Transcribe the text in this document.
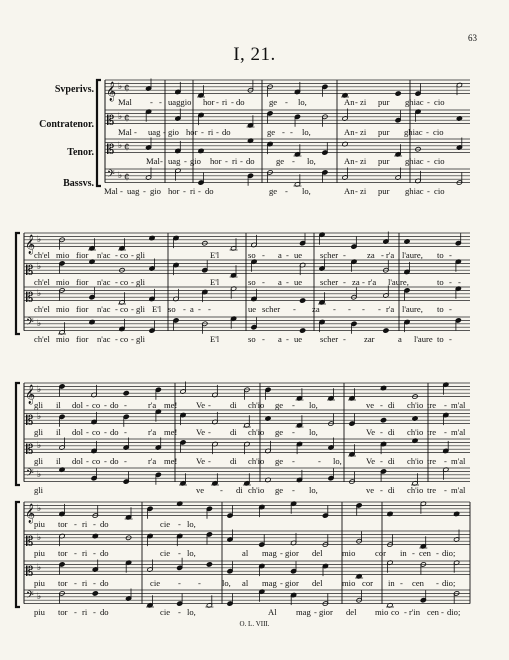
63
I, 21.
Svperivs.
Contratenor.
Tenor.
Bassvs.
𝄞 ♭ ¢
𝄡 ♭ ¢
𝄡 ♭ ¢
𝄢 ♭ ¢
𝄞 ♭
𝄡 ♭
𝄡 ♭
𝄢 ♭
𝄞 ♭
𝄡 ♭
𝄡 ♭
𝄢 ♭
𝄞 ♭
𝄡 ♭
𝄡 ♭
𝄢 ♭
O. L. VIII.
Mal - - uaggio hor - ri - do	ge - lo,	An - zi pur ghiac - cio
Mal - uag - gio hor - ri - do	ge - - lo,	An - zi pur ghiac - cio
Mal - uag - gio hor - ri - do ge - lo,	An - zi pur ghiac - cio
Mal - uag - gio hor - ri - do	ge - lo,	An - zi pur ghiac - cio
ch'el mio fior n'ac - co - gli	E'l	so - a - ue scher - za - r'a l'aure, to -
ch'el mio fior n'ac - co - gli	E'l	so - a - ue scher - za - r'a l'aure,	to - -
ch'el mio fior n'ac - co - gli E'l so - a - -	ue scher - za - - - - r'a l'aure, to -
ch'el mio fior n'ac - co - gli	E'l	so - a - ue scher - zar	a l'aure to -
gli il dol - co - do - r'a me! Ve - di ch'io ge - lo,	ve - di ch'io tre - m'al
gli il dol - co - do - r'a me! Ve - di ch'io ge - lo,	Ve - di ch'io tre - m'al
gli il dol - co - do - r'a me! Ve - di ch'io ge -	- lo,	Ve - di ch'io tre - m'al
gli	ve - di ch'io ge - lo,	ve - di ch'io tre - m'al
piu tor - ri - do	cie - lo,
piu tor - ri - do	cie - lo,	al mag - gior del mio cor in - cen - dio;
piu tor - ri - do	cie - - lo, al mag - gior del mio cor in - cen - dio;
piu tor - ri - do	cie - lo,	Al mag - gior del mio co - r'in cen - dio;
